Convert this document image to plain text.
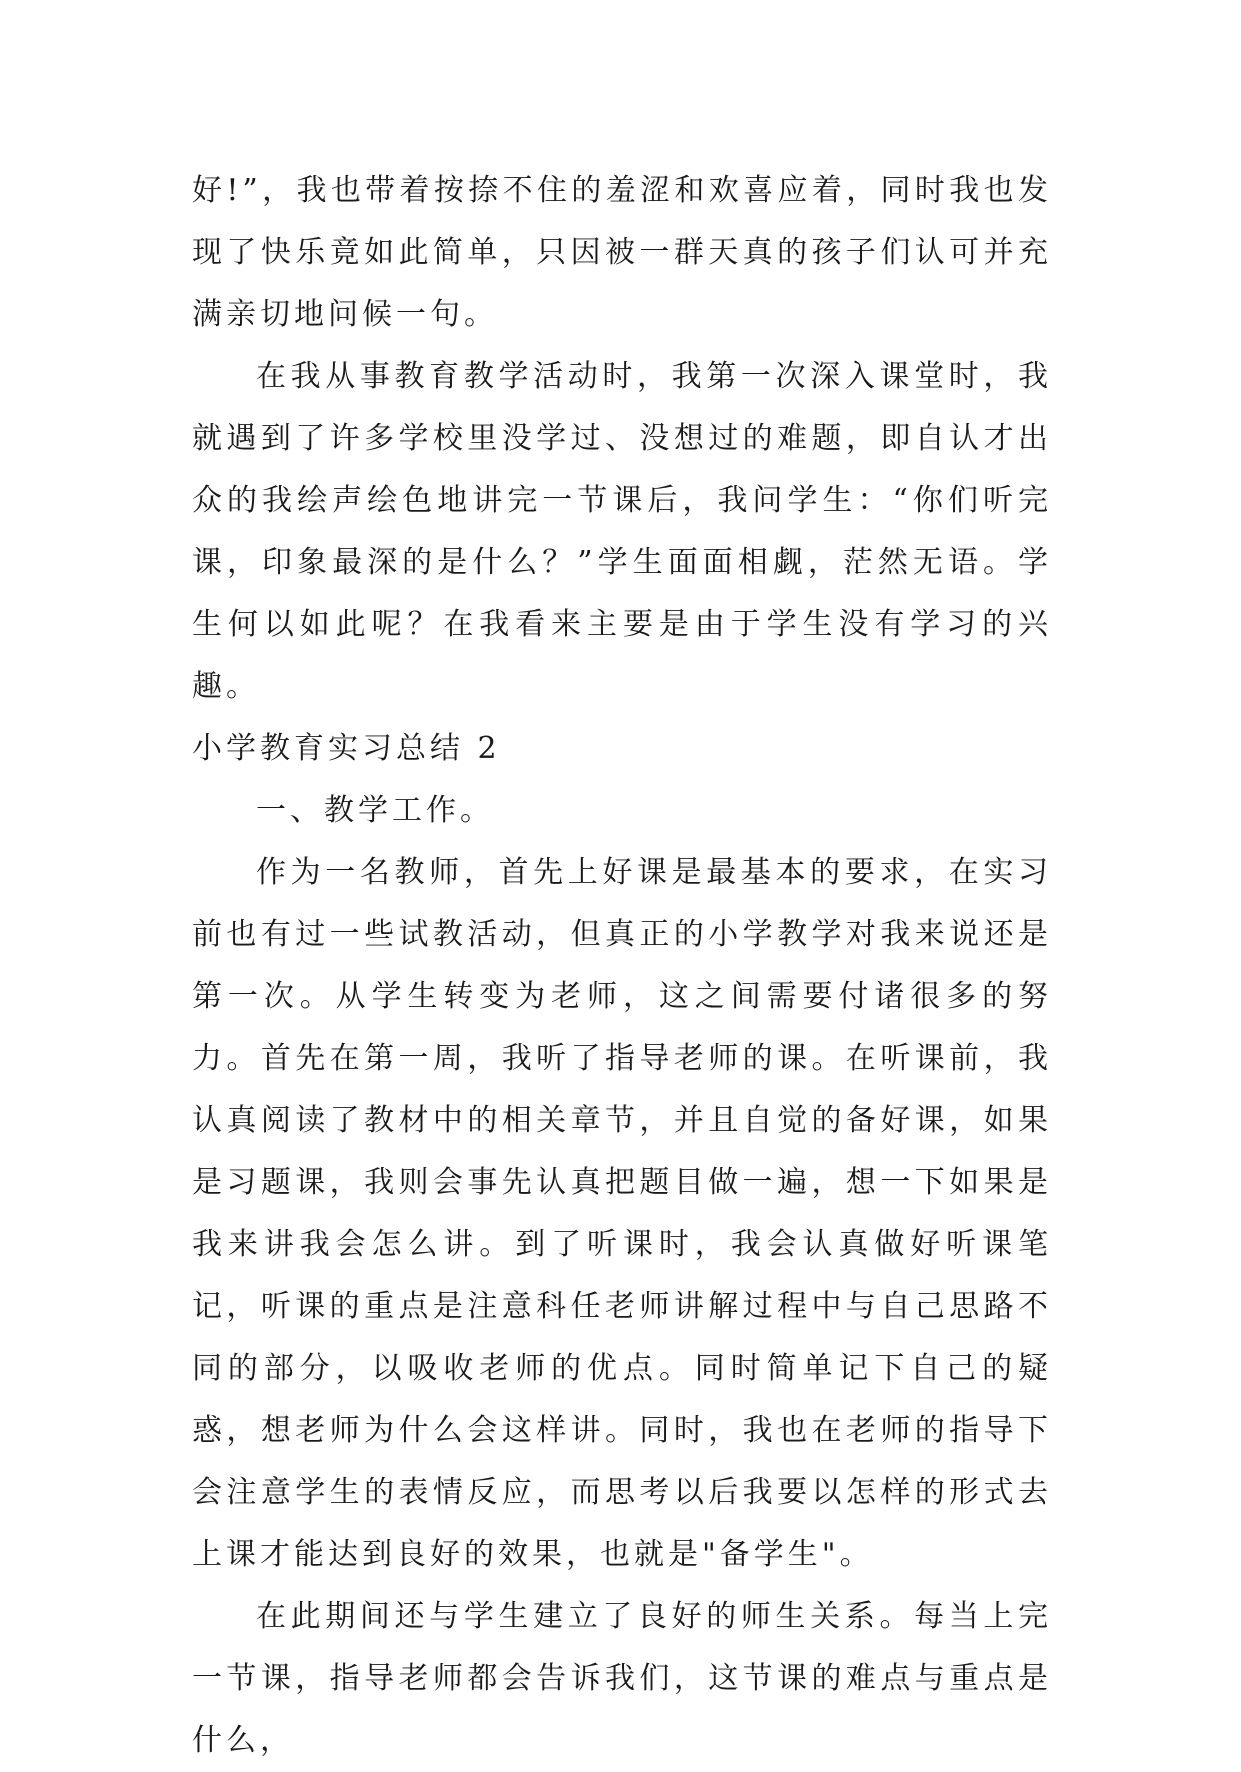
好!”，我也带着按捺不住的羞涩和欢喜应着，同时我也发现了快乐竟如此简单，只因被一群天真的孩子们认可并充满亲切地问候一句。

在我从事教育教学活动时，我第一次深入课堂时，我就遇到了许多学校里没学过、没想过的难题，即自认才出众的我绘声绘色地讲完一节课后，我问学生：“你们听完课，印象最深的是什么？”学生面面相觑，茫然无语。学生何以如此呢？在我看来主要是由于学生没有学习的兴趣。

小学教育实习总结 2

一、教学工作。

作为一名教师，首先上好课是最基本的要求，在实习前也有过一些试教活动，但真正的小学教学对我来说还是第一次。从学生转变为老师，这之间需要付诸很多的努力。首先在第一周，我听了指导老师的课。在听课前，我认真阅读了教材中的相关章节，并且自觉的备好课，如果是习题课，我则会事先认真把题目做一遍，想一下如果是我来讲我会怎么讲。到了听课时，我会认真做好听课笔记，听课的重点是注意科任老师讲解过程中与自己思路不同的部分，以吸收老师的优点。同时简单记下自己的疑惑，想老师为什么会这样讲。同时，我也在老师的指导下会注意学生的表情反应，而思考以后我要以怎样的形式去上课才能达到良好的效果，也就是"备学生"。

在此期间还与学生建立了良好的师生关系。每当上完一节课，指导老师都会告诉我们，这节课的难点与重点是什么，
